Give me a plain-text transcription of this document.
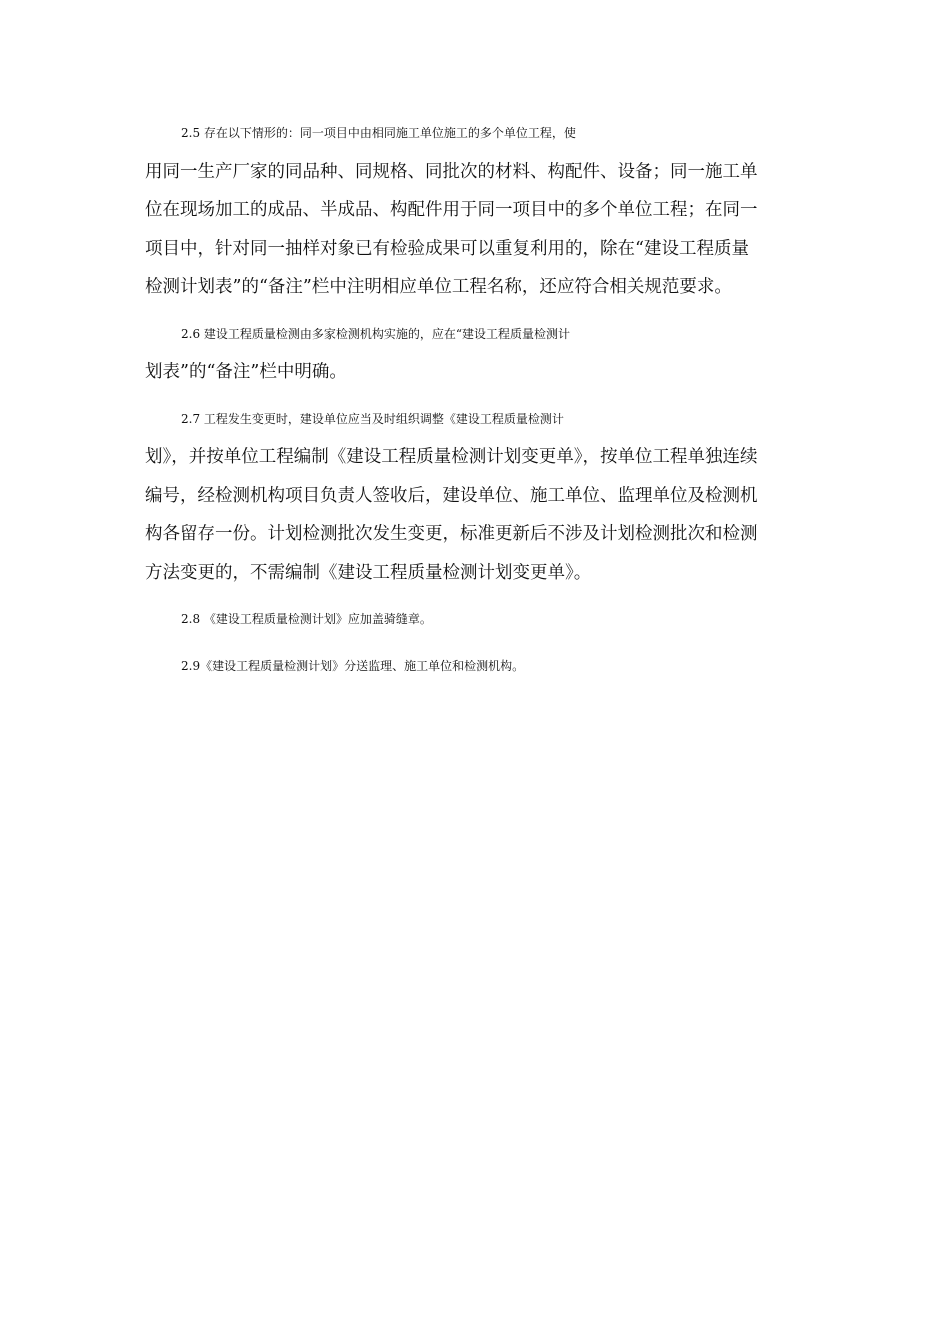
2.5 存在以下情形的：同一项目中由相同施工单位施工的多个单位工程，使
用同一生产厂家的同品种、同规格、同批次的材料、构配件、设备；同一施工单
位在现场加工的成品、半成品、构配件用于同一项目中的多个单位工程；在同一
项目中，针对同一抽样对象已有检验成果可以重复利用的，除在“建设工程质量
检测计划表”的“备注”栏中注明相应单位工程名称，还应符合相关规范要求。

2.6 建设工程质量检测由多家检测机构实施的，应在“建设工程质量检测计
划表”的“备注”栏中明确。

2.7 工程发生变更时，建设单位应当及时组织调整《建设工程质量检测计
划》，并按单位工程编制《建设工程质量检测计划变更单》，按单位工程单独连续
编号，经检测机构项目负责人签收后，建设单位、施工单位、监理单位及检测机
构各留存一份。计划检测批次发生变更，标准更新后不涉及计划检测批次和检测
方法变更的，不需编制《建设工程质量检测计划变更单》。

2.8 《建设工程质量检测计划》应加盖骑缝章。

2.9《建设工程质量检测计划》分送监理、施工单位和检测机构。
